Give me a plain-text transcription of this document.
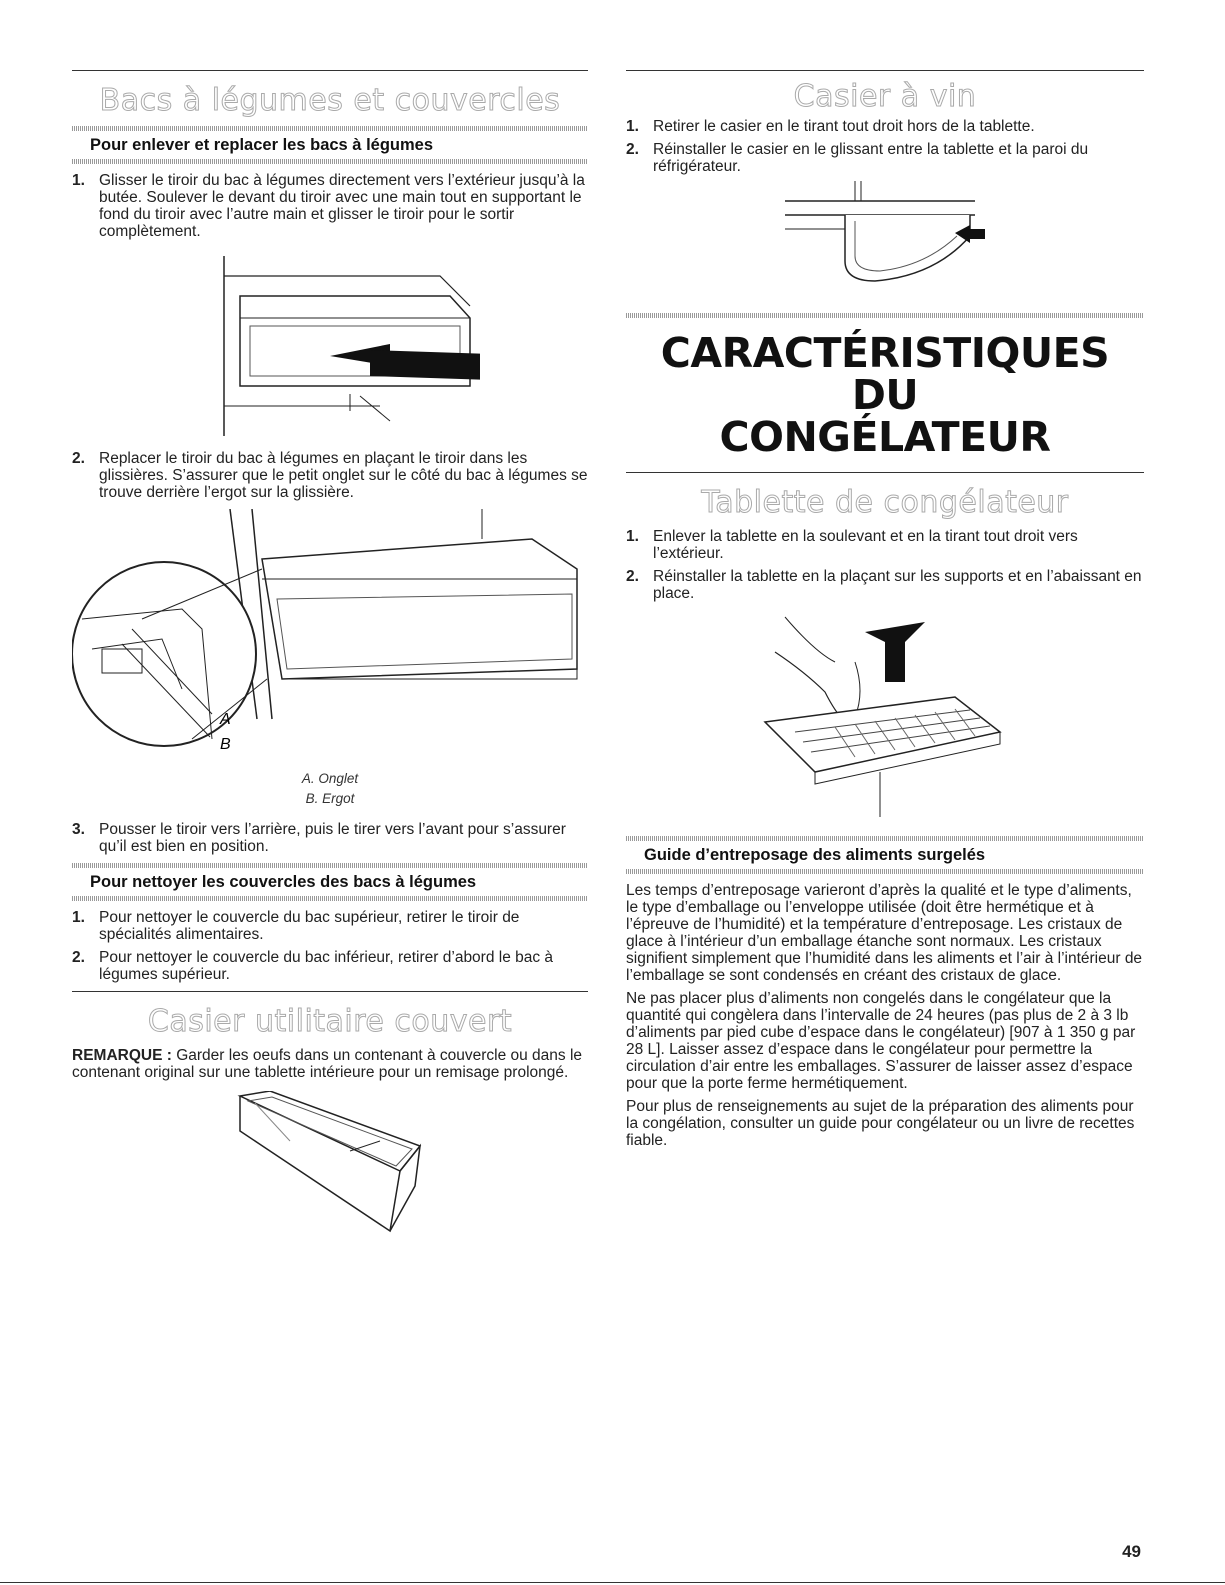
Bacs à légumes et couvercles
Pour enlever et replacer les bacs à légumes
1. Glisser le tiroir du bac à légumes directement vers l’extérieur jusqu’à la butée. Soulever le devant du tiroir avec une main tout en supportant le fond du tiroir avec l’autre main et glisser le tiroir pour le sortir complètement.
2. Replacer le tiroir du bac à légumes en plaçant le tiroir dans les glissières. S’assurer que le petit onglet sur le côté du bac à légumes se trouve derrière l’ergot sur la glissière.
A
B
A. Onglet
B. Ergot
3. Pousser le tiroir vers l’arrière, puis le tirer vers l’avant pour s’assurer qu’il est bien en position.
Pour nettoyer les couvercles des bacs à légumes
1. Pour nettoyer le couvercle du bac supérieur, retirer le tiroir de spécialités alimentaires.
2. Pour nettoyer le couvercle du bac inférieur, retirer d’abord le bac à légumes supérieur.
Casier utilitaire couvert

REMARQUE : Garder les oeufs dans un contenant à couvercle ou dans le contenant original sur une tablette intérieure pour un remisage prolongé.

Casier à vin
1. Retirer le casier en le tirant tout droit hors de la tablette.
2. Réinstaller le casier en le glissant entre la tablette et la paroi du réfrigérateur.
CARACTÉRISTIQUES DU
CONGÉLATEUR
Tablette de congélateur
1. Enlever la tablette en la soulevant et en la tirant tout droit vers l’extérieur.
2. Réinstaller la tablette en la plaçant sur les supports et en l’abaissant en place.
Guide d’entreposage des aliments surgelés

Les temps d’entreposage varieront d’après la qualité et le type d’aliments, le type d’emballage ou l’enveloppe utilisée (doit être hermétique et à l’épreuve de l’humidité) et la température d’entreposage. Les cristaux de glace à l’intérieur d’un emballage étanche sont normaux. Les cristaux signifient simplement que l’humidité dans les aliments et l’air à l’intérieur de l’emballage se sont condensés en créant des cristaux de glace.

Ne pas placer plus d’aliments non congelés dans le congélateur que la quantité qui congèlera dans l’intervalle de 24 heures (pas plus de 2 à 3 lb d’aliments par pied cube d’espace dans le congélateur) [907 à 1 350 g par 28 L]. Laisser assez d’espace dans le congélateur pour permettre la circulation d’air entre les emballages. S’assurer de laisser assez d’espace pour que la porte ferme hermétiquement.

Pour plus de renseignements au sujet de la préparation des aliments pour la congélation, consulter un guide pour congélateur ou un livre de recettes fiable.

49
